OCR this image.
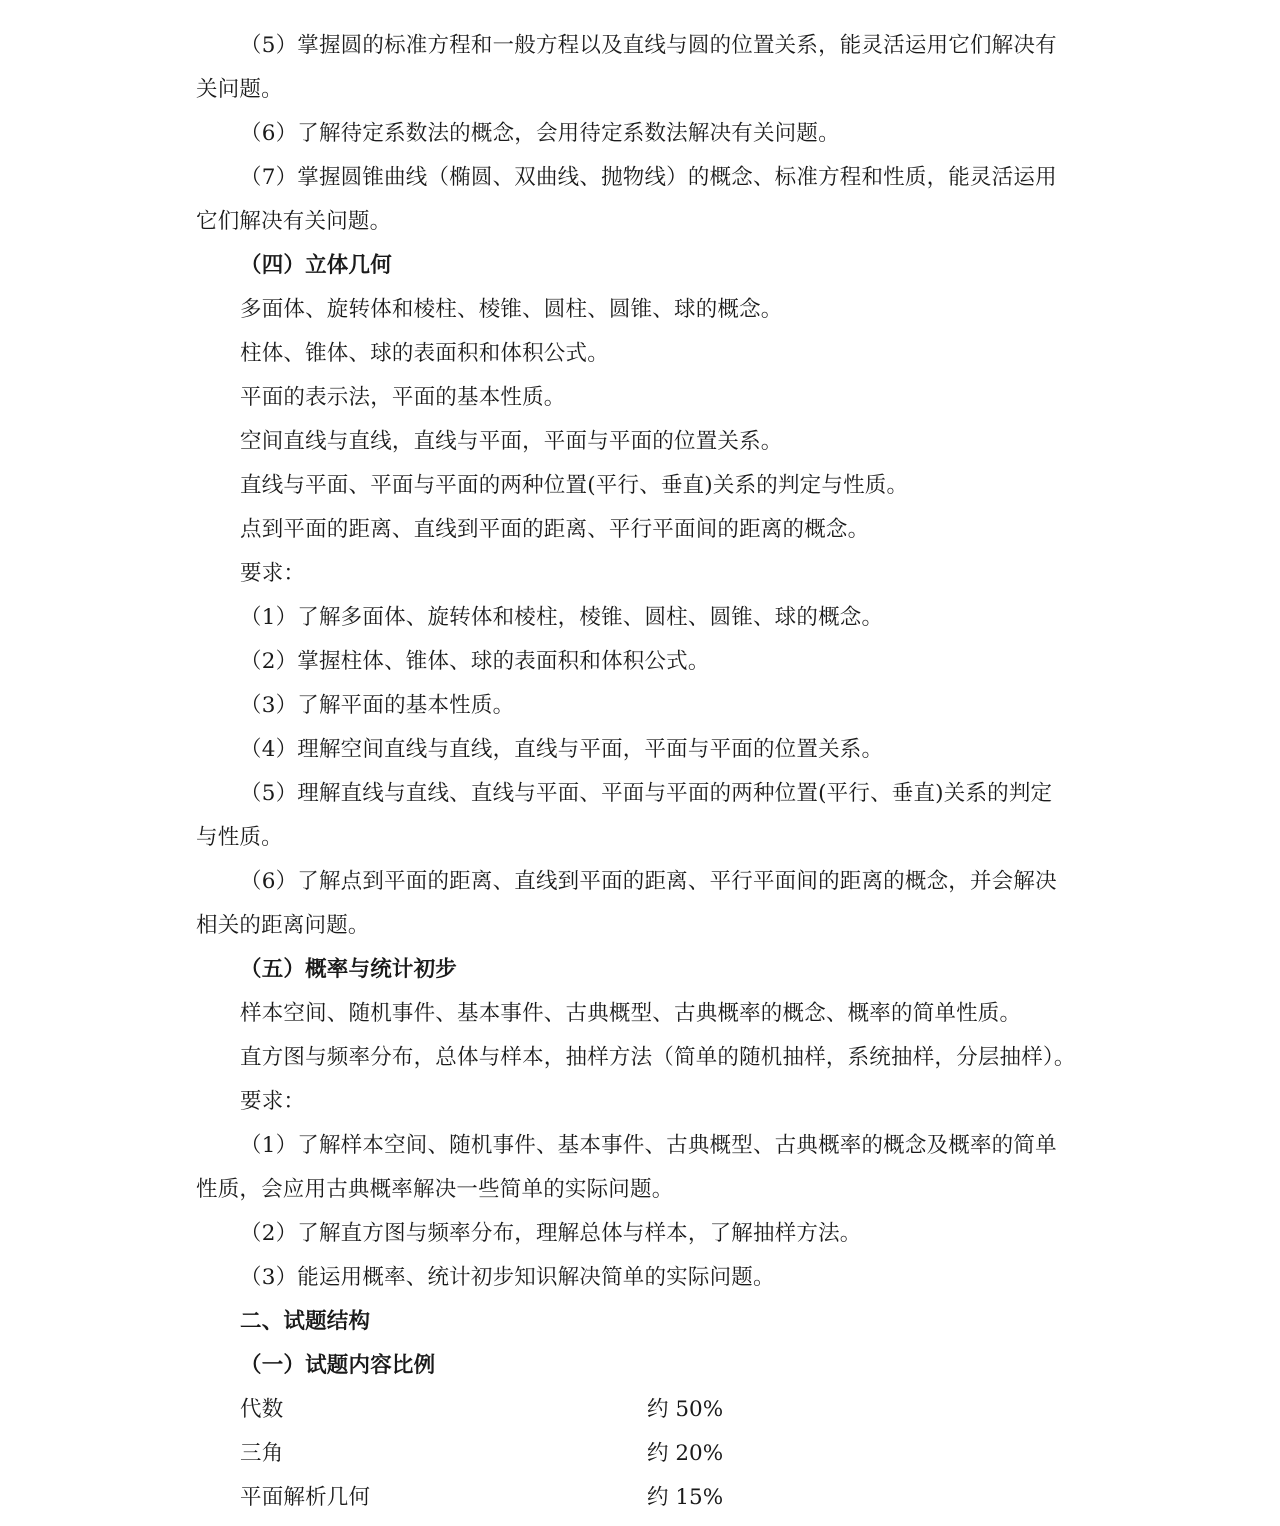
（5）掌握圆的标准方程和一般方程以及直线与圆的位置关系，能灵活运用它们解决有
关问题。
（6）了解待定系数法的概念，会用待定系数法解决有关问题。
（7）掌握圆锥曲线（椭圆、双曲线、抛物线）的概念、标准方程和性质，能灵活运用
它们解决有关问题。
（四）立体几何
多面体、旋转体和棱柱、棱锥、圆柱、圆锥、球的概念。
柱体、锥体、球的表面积和体积公式。
平面的表示法，平面的基本性质。
空间直线与直线，直线与平面，平面与平面的位置关系。
直线与平面、平面与平面的两种位置(平行、垂直)关系的判定与性质。
点到平面的距离、直线到平面的距离、平行平面间的距离的概念。
要求：
（1）了解多面体、旋转体和棱柱，棱锥、圆柱、圆锥、球的概念。
（2）掌握柱体、锥体、球的表面积和体积公式。
（3）了解平面的基本性质。
（4）理解空间直线与直线，直线与平面，平面与平面的位置关系。
（5）理解直线与直线、直线与平面、平面与平面的两种位置(平行、垂直)关系的判定
与性质。
（6）了解点到平面的距离、直线到平面的距离、平行平面间的距离的概念，并会解决
相关的距离问题。
（五）概率与统计初步
样本空间、随机事件、基本事件、古典概型、古典概率的概念、概率的简单性质。
直方图与频率分布，总体与样本，抽样方法（简单的随机抽样，系统抽样，分层抽样）。
要求：
（1）了解样本空间、随机事件、基本事件、古典概型、古典概率的概念及概率的简单
性质，会应用古典概率解决一些简单的实际问题。
（2）了解直方图与频率分布，理解总体与样本，了解抽样方法。
（3）能运用概率、统计初步知识解决简单的实际问题。
二、试题结构
（一）试题内容比例
代数	约 50%
三角	约 20%
平面解析几何	约 15%
